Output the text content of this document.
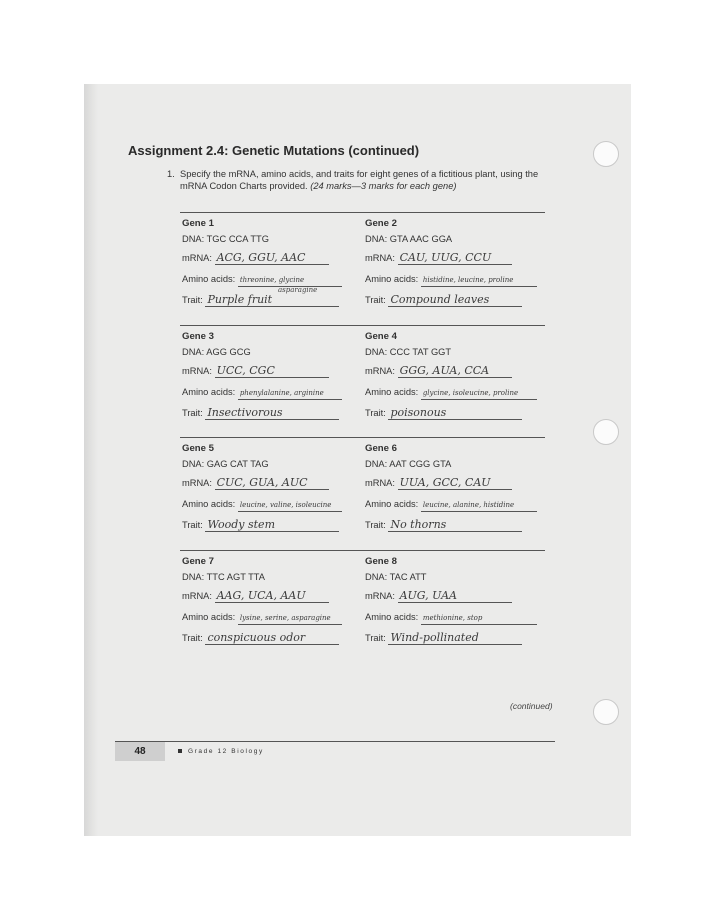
Assignment 2.4: Genetic Mutations (continued)
1. Specify the mRNA, amino acids, and traits for eight genes of a fictitious plant, using the mRNA Codon Charts provided. (24 marks—3 marks for each gene)
Gene 1
DNA: TGC CCA TTG
mRNA: ACG, GGU, AAC
Amino acids: threonine, glycine
asparagine
Trait: Purple fruit
Gene 2
DNA: GTA AAC GGA
mRNA: CAU, UUG, CCU
Amino acids: histidine, leucine, proline
Trait: Compound leaves
Gene 3
DNA: AGG GCG
mRNA: UCC, CGC
Amino acids: phenylalanine, arginine
Trait: Insectivorous
Gene 4
DNA: CCC TAT GGT
mRNA: GGG, AUA, CCA
Amino acids: glycine, isoleucine, proline
Trait: poisonous
Gene 5
DNA: GAG CAT TAG
mRNA: CUC, GUA, AUC
Amino acids: leucine, valine, isoleucine
Trait: Woody stem
Gene 6
DNA: AAT CGG GTA
mRNA: UUA, GCC, CAU
Amino acids: leucine, alanine, histidine
Trait: No thorns
Gene 7
DNA: TTC AGT TTA
mRNA: AAG, UCA, AAU
Amino acids: lysine, serine, asparagine
Trait: conspicuous odor
Gene 8
DNA: TAC ATT
mRNA: AUG, UAA
Amino acids: methionine, stop
Trait: Wind-pollinated
(continued)
48	Grade 12 Biology
